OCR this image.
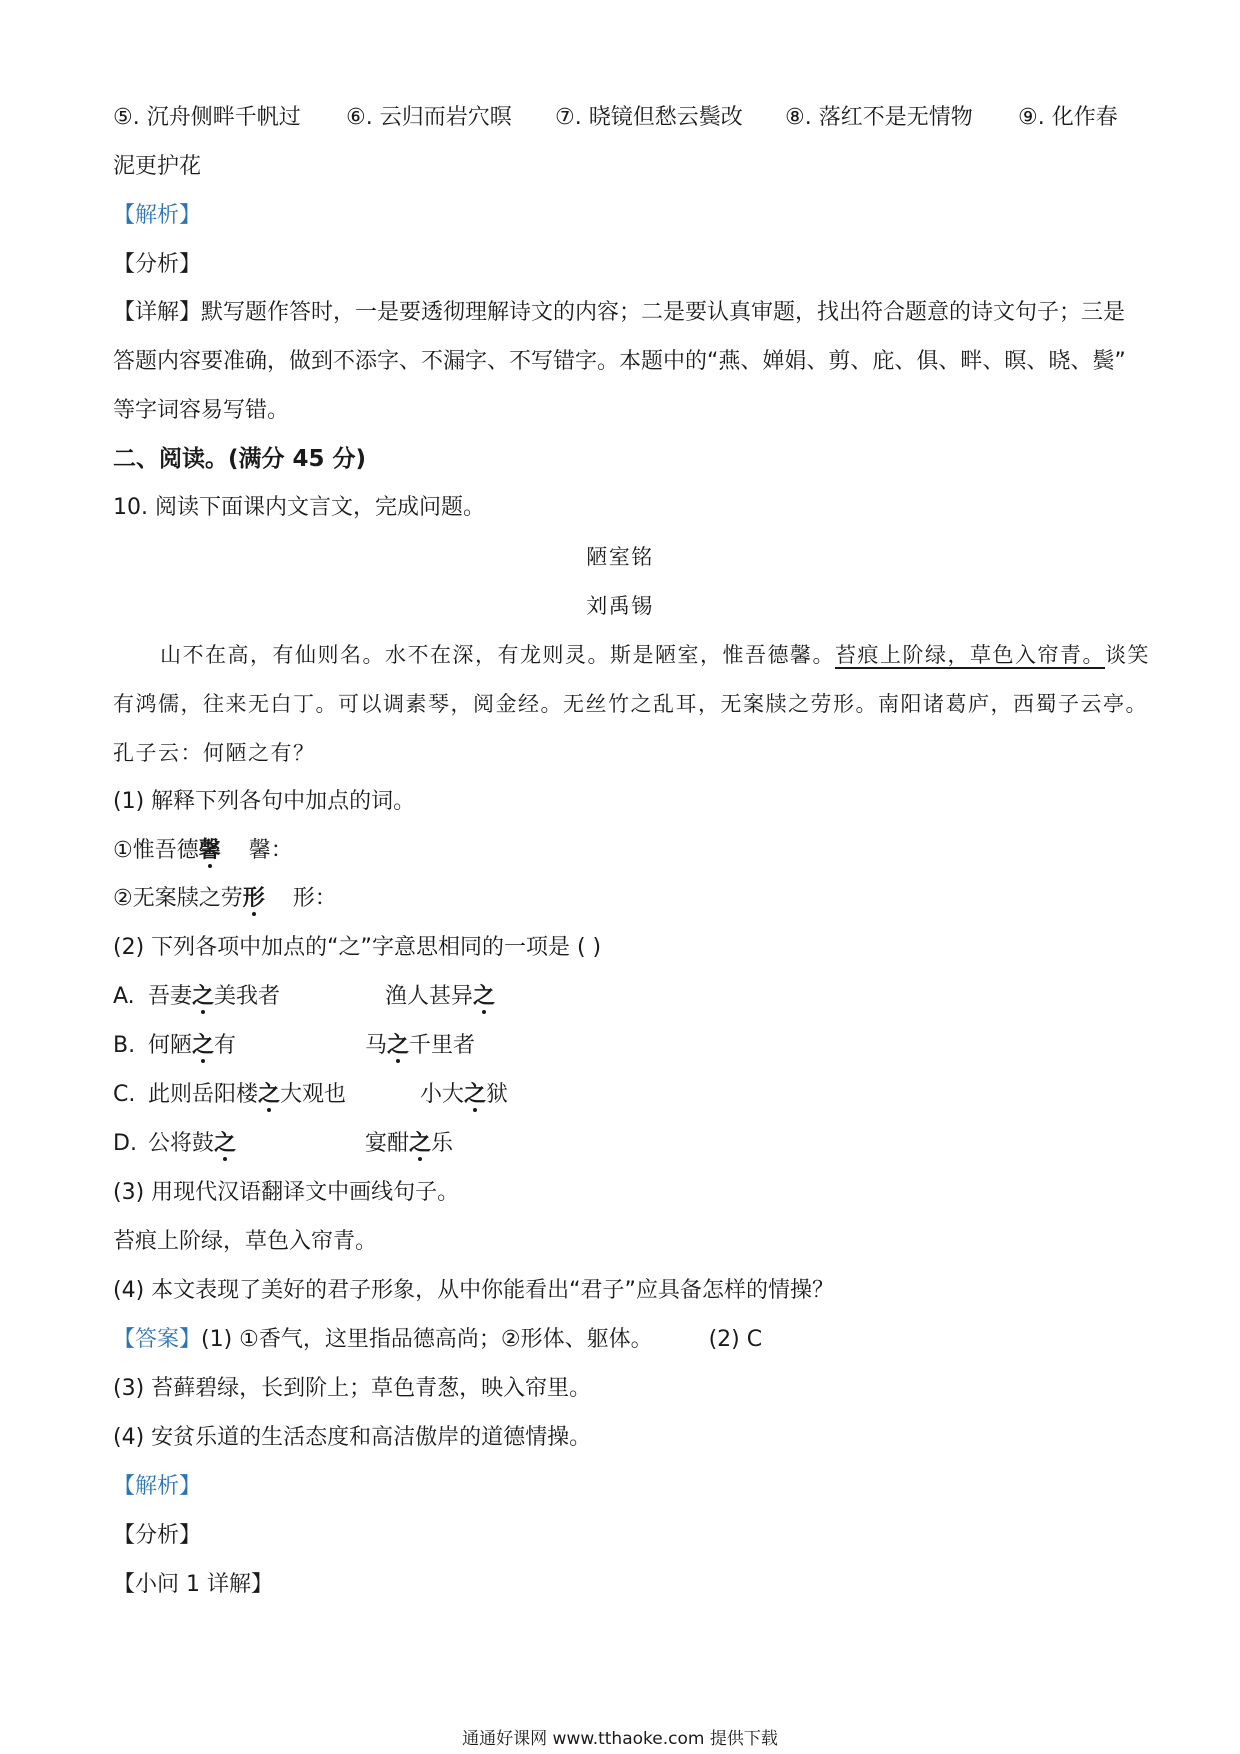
⑤. 沉舟侧畔千帆过 ⑥. 云归而岩穴暝 ⑦. 晓镜但愁云鬓改 ⑧. 落红不是无情物 ⑨. 化作春
泥更护花
【解析】
【分析】
【详解】默写题作答时，一是要透彻理解诗文的内容；二是要认真审题，找出符合题意的诗文句子；三是
答题内容要准确，做到不添字、不漏字、不写错字。本题中的“燕、婵娟、剪、庇、俱、畔、暝、晓、鬓”
等字词容易写错。
二、阅读。(满分 45 分)
10. 阅读下面课内文言文，完成问题。
陋室铭
刘禹锡
山不在高，有仙则名。水不在深，有龙则灵。斯是陋室，惟吾德馨。苔痕上阶绿，草色入帘青。谈笑
有鸿儒，往来无白丁。可以调素琴，阅金经。无丝竹之乱耳，无案牍之劳形。南阳诸葛庐，西蜀子云亭。
孔子云：何陋之有？
(1) 解释下列各句中加点的词。
①惟吾德馨    馨：
②无案牍之劳形    形：
(2) 下列各项中加点的“之”字意思相同的一项是 ( )
A. 吾妻之美我者	渔人甚异之
B. 何陋之有	马之千里者
C. 此则岳阳楼之大观也	小大之狱
D. 公将鼓之	宴酣之乐
(3) 用现代汉语翻译文中画线句子。
苔痕上阶绿，草色入帘青。
(4) 本文表现了美好的君子形象，从中你能看出“君子”应具备怎样的情操？
【答案】(1) ①香气，这里指品德高尚；②形体、躯体。        (2) C
(3) 苔藓碧绿，长到阶上；草色青葱，映入帘里。
(4) 安贫乐道的生活态度和高洁傲岸的道德情操。
【解析】
【分析】
【小问 1 详解】
通通好课网 www.tthaoke.com 提供下载
